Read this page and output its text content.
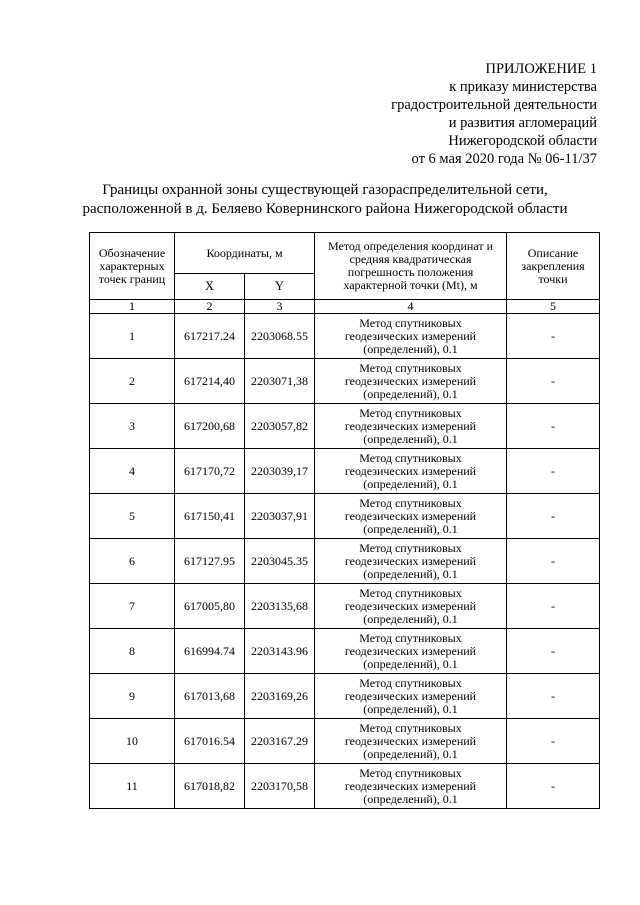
ПРИЛОЖЕНИЕ 1
к приказу министерства
градостроительной деятельности
и развития агломераций
Нижегородской области
от 6 мая 2020 года № 06-11/37
Границы охранной зоны существующей газораспределительной сети,
расположенной в д. Беляево Ковернинского района Нижегородской области
Обозначение характерных точек границ	Координаты, м		Метод определения координат и средняя квадратическая погрешность положения характерной точки (Mt), м	Описание закрепления точки
	X	Y		
1	2	3	4	5
1	617217.24	2203068.55	Метод спутниковых
геодезических измерений
(определений), 0.1	-
2	617214,40	2203071,38	Метод спутниковых
геодезических измерений
(определений), 0.1	-
3	617200,68	2203057,82	Метод спутниковых
геодезических измерений
(определений), 0.1	-
4	617170,72	2203039,17	Метод спутниковых
геодезических измерений
(определений), 0.1	-
5	617150,41	2203037,91	Метод спутниковых
геодезических измерений
(определений), 0.1	-
6	617127.95	2203045.35	Метод спутниковых
геодезических измерений
(определений), 0.1	-
7	617005,80	2203135,68	Метод спутниковых
геодезических измерений
(определений), 0.1	-
8	616994.74	2203143.96	Метод спутниковых
геодезических измерений
(определений), 0.1	-
9	617013,68	2203169,26	Метод спутниковых
геодезических измерений
(определений), 0.1	-
10	617016.54	2203167.29	Метод спутниковых
геодезических измерений
(определений), 0.1	-
11	617018,82	2203170,58	Метод спутниковых
геодезических измерений
(определений), 0.1	-
